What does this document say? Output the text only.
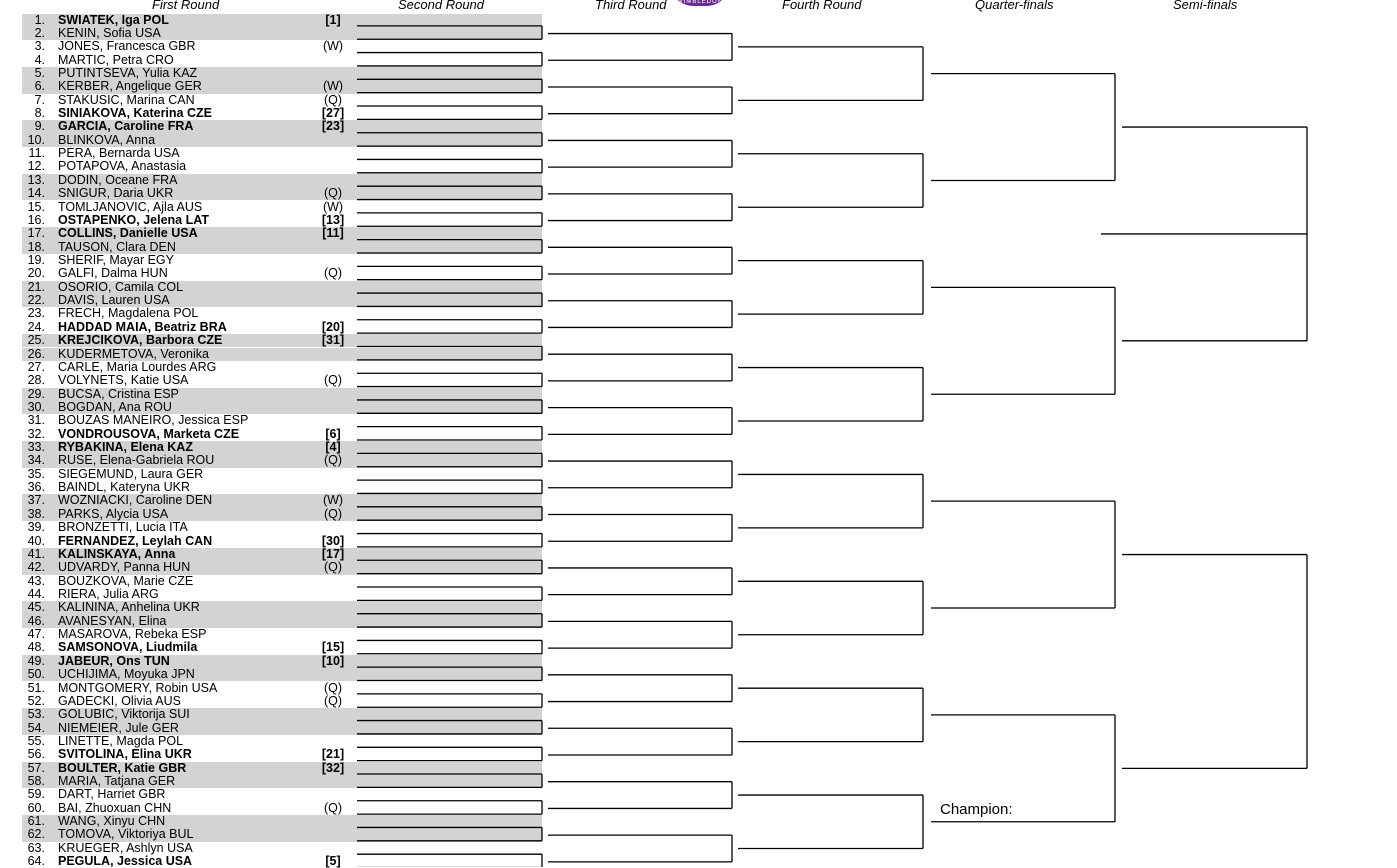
First Round	Second Round	Third Round	Fourth Round	Quarter-finals	Semi-finals
WIMBLEDON
1. SWIATEK, Iga POL	[1]
2. KENIN, Sofia USA
3. JONES, Francesca GBR	(W)
4. MARTIC, Petra CRO
5. PUTINTSEVA, Yulia KAZ
6. KERBER, Angelique GER	(W)
7. STAKUSIC, Marina CAN	(Q)
8. SINIAKOVA, Katerina CZE	[27]
9. GARCIA, Caroline FRA	[23]
10. BLINKOVA, Anna
11. PERA, Bernarda USA
12. POTAPOVA, Anastasia
13. DODIN, Oceane FRA
14. SNIGUR, Daria UKR	(Q)
15. TOMLJANOVIC, Ajla AUS	(W)
16. OSTAPENKO, Jelena LAT	[13]
17. COLLINS, Danielle USA	[11]
18. TAUSON, Clara DEN
19. SHERIF, Mayar EGY
20. GALFI, Dalma HUN	(Q)
21. OSORIO, Camila COL
22. DAVIS, Lauren USA
23. FRECH, Magdalena POL
24. HADDAD MAIA, Beatriz BRA	[20]
25. KREJCIKOVA, Barbora CZE	[31]
26. KUDERMETOVA, Veronika
27. CARLE, Maria Lourdes ARG
28. VOLYNETS, Katie USA	(Q)
29. BUCSA, Cristina ESP
30. BOGDAN, Ana ROU
31. BOUZAS MANEIRO, Jessica ESP
32. VONDROUSOVA, Marketa CZE	[6]
33. RYBAKINA, Elena KAZ	[4]
34. RUSE, Elena-Gabriela ROU	(Q)
35. SIEGEMUND, Laura GER
36. BAINDL, Kateryna UKR
37. WOZNIACKI, Caroline DEN	(W)
38. PARKS, Alycia USA	(Q)
39. BRONZETTI, Lucia ITA
40. FERNANDEZ, Leylah CAN	[30]
41. KALINSKAYA, Anna	[17]
42. UDVARDY, Panna HUN	(Q)
43. BOUZKOVA, Marie CZE
44. RIERA, Julia ARG
45. KALININA, Anhelina UKR
46. AVANESYAN, Elina
47. MASAROVA, Rebeka ESP
48. SAMSONOVA, Liudmila	[15]
49. JABEUR, Ons TUN	[10]
50. UCHIJIMA, Moyuka JPN
51. MONTGOMERY, Robin USA	(Q)
52. GADECKI, Olivia AUS	(Q)
53. GOLUBIC, Viktorija SUI
54. NIEMEIER, Jule GER
55. LINETTE, Magda POL
56. SVITOLINA, Elina UKR	[21]
57. BOULTER, Katie GBR	[32]
58. MARIA, Tatjana GER
59. DART, Harriet GBR
60. BAI, Zhuoxuan CHN	(Q)
61. WANG, Xinyu CHN
62. TOMOVA, Viktoriya BUL
63. KRUEGER, Ashlyn USA
64. PEGULA, Jessica USA	[5]
Champion:
